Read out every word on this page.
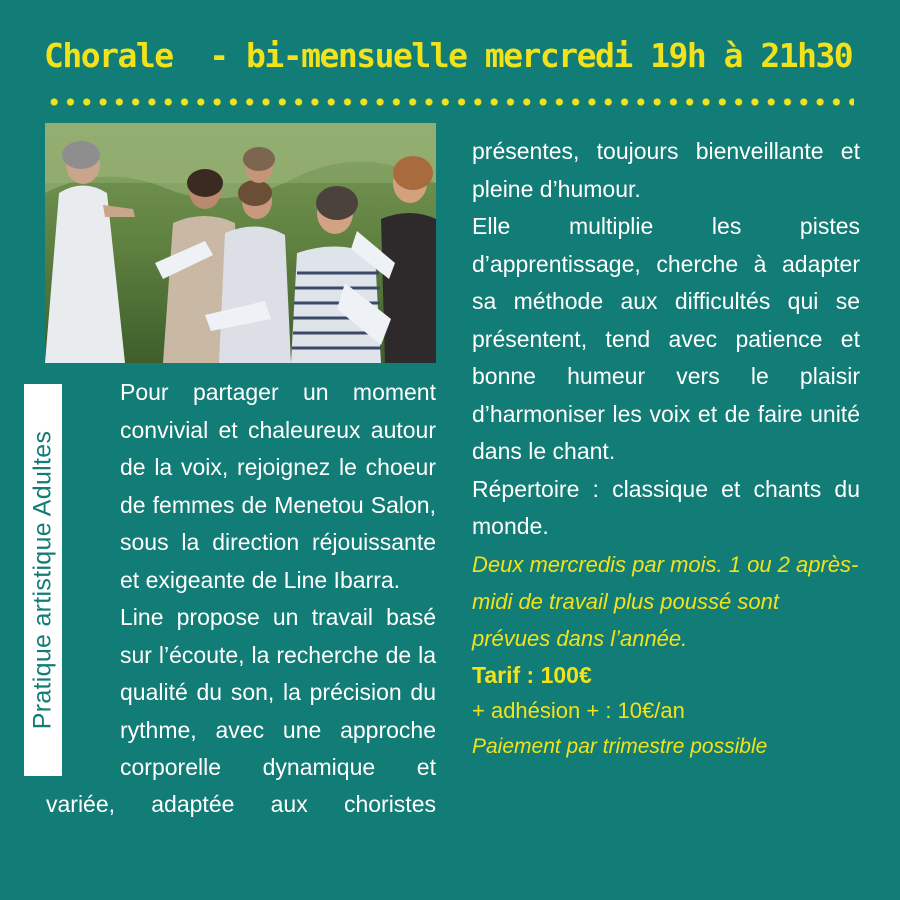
Chorale  - bi-mensuelle mercredi 19h à 21h30
Pratique artistique Adultes

Pour partager un moment convivial et chaleureux autour de la voix, rejoignez le choeur de femmes de Menetou Salon, sous la direction réjouissante et exigeante de Line Ibarra.

Line propose un travail basé sur l’écoute, la recherche de la qualité du son, la précision du rythme, avec une approche corporelle dynamique et

variée, adaptée aux choristes

présentes, toujours bienveillante et pleine d’humour.

Elle multiplie les pistes d’apprentissage, cherche à adapter sa méthode aux difficultés qui se présentent, tend avec patience et bonne humeur vers le plaisir d’harmoniser les voix et de faire unité dans le chant.

Répertoire : classique et chants du monde.

Deux mercredis par mois. 1 ou 2 après-midi de travail plus poussé sont prévues dans l’année.

Tarif : 100€

+ adhésion + : 10€/an

Paiement par trimestre possible
